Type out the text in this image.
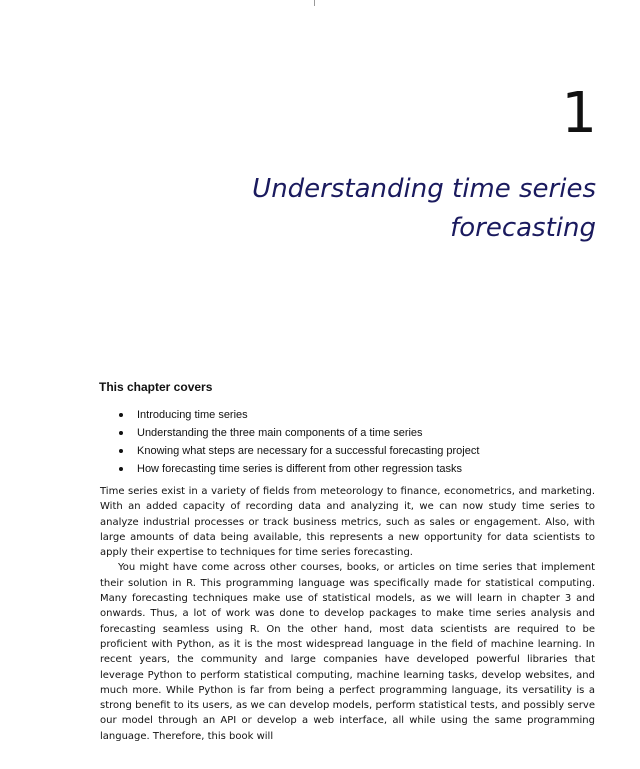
1
Understanding time series forecasting
This chapter covers
Introducing time series
Understanding the three main components of a time series
Knowing what steps are necessary for a successful forecasting project
How forecasting time series is different from other regression tasks

Time series exist in a variety of fields from meteorology to finance, econometrics, and marketing. With an added capacity of recording data and analyzing it, we can now study time series to analyze industrial processes or track business metrics, such as sales or engagement. Also, with large amounts of data being available, this represents a new opportunity for data scientists to apply their expertise to techniques for time series forecasting.

You might have come across other courses, books, or articles on time series that implement their solution in R. This programming language was specifically made for statistical computing. Many forecasting techniques make use of statistical models, as we will learn in chapter 3 and onwards. Thus, a lot of work was done to develop packages to make time series analysis and forecasting seamless using R. On the other hand, most data scientists are required to be proficient with Python, as it is the most widespread language in the field of machine learning. In recent years, the community and large companies have developed powerful libraries that leverage Python to perform statistical computing, machine learning tasks, develop websites, and much more. While Python is far from being a perfect programming language, its versatility is a strong benefit to its users, as we can develop models, perform statistical tests, and possibly serve our model through an API or develop a web interface, all while using the same programming language. Therefore, this book will
